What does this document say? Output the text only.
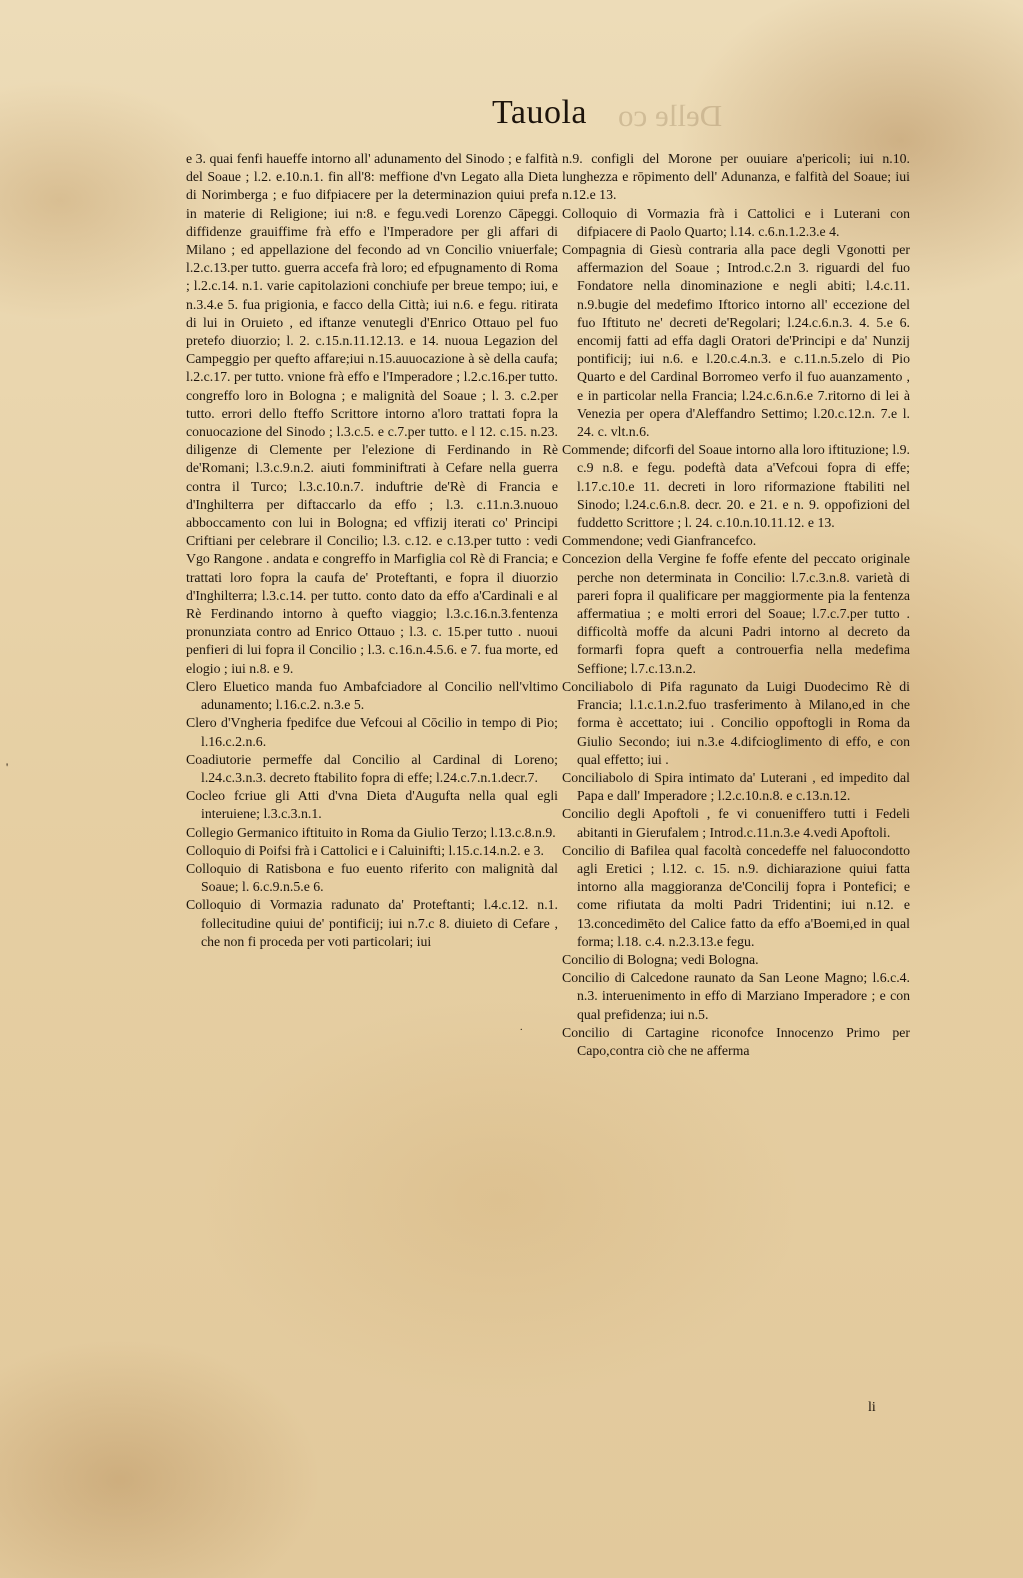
Delle co
Tauola

e 3. quai fenfi haueffe intorno all' adunamento del Sinodo ; e falfità del Soaue ; l.2. e.10.n.1. fin all'8: meffione d'vn Legato alla Dieta di Norimberga ; e fuo difpiacere per la determinazion quiui prefa in materie di Religione; iui n:8. e fegu.vedi Lorenzo Cāpeggi. diffidenze grauiffime frà effo e l'Imperadore per gli affari di Milano ; ed appellazione del fecondo ad vn Concilio vniuerfale; l.2.c.13.per tutto. guerra accefa frà loro; ed efpugnamento di Roma ; l.2.c.14. n.1. varie capitolazioni conchiufe per breue tempo; iui, e n.3.4.e 5. fua prigionia, e facco della Città; iui n.6. e fegu. ritirata di lui in Oruieto , ed iftanze venutegli d'Enrico Ottauo pel fuo pretefo diuorzio; l. 2. c.15.n.11.12.13. e 14. nuoua Legazion del Campeggio per quefto affare;iui n.15.auuocazione à sè della caufa; l.2.c.17. per tutto. vnione frà effo e l'Imperadore ; l.2.c.16.per tutto. congreffo loro in Bologna ; e malignità del Soaue ; l. 3. c.2.per tutto. errori dello fteffo Scrittore intorno a'loro trattati fopra la conuocazione del Sinodo ; l.3.c.5. e c.7.per tutto. e l 12. c.15. n.23. diligenze di Clemente per l'elezione di Ferdinando in Rè de'Romani; l.3.c.9.n.2. aiuti fomminiftrati à Cefare nella guerra contra il Turco; l.3.c.10.n.7. induftrie de'Rè di Francia e d'Inghilterra per diftaccarlo da effo ; l.3. c.11.n.3.nuouo abboccamento con lui in Bologna; ed vffizij iterati co' Principi Criftiani per celebrare il Concilio; l.3. c.12. e c.13.per tutto : vedi Vgo Rangone . andata e congreffo in Marfiglia col Rè di Francia; e trattati loro fopra la caufa de' Proteftanti, e fopra il diuorzio d'Inghilterra; l.3.c.14. per tutto. conto dato da effo a'Cardinali e al Rè Ferdinando intorno à quefto viaggio; l.3.c.16.n.3.fentenza pronunziata contro ad Enrico Ottauo ; l.3. c. 15.per tutto . nuoui penfieri di lui fopra il Concilio ; l.3. c.16.n.4.5.6. e 7. fua morte, ed elogio ; iui n.8. e 9.

Clero Eluetico manda fuo Ambafciadore al Concilio nell'vltimo adunamento; l.16.c.2. n.3.e 5.

Clero d'Vngheria fpedifce due Vefcoui al Cōcilio in tempo di Pio; l.16.c.2.n.6.

Coadiutorie permeffe dal Concilio al Cardinal di Loreno; l.24.c.3.n.3. decreto ftabilito fopra di effe; l.24.c.7.n.1.decr.7.

Cocleo fcriue gli Atti d'vna Dieta d'Augufta nella qual egli interuiene; l.3.c.3.n.1.

Collegio Germanico iftituito in Roma da Giulio Terzo; l.13.c.8.n.9.

Colloquio di Poifsi frà i Cattolici e i Caluinifti; l.15.c.14.n.2. e 3.

Colloquio di Ratisbona e fuo euento riferito con malignità dal Soaue; l. 6.c.9.n.5.e 6.

Colloquio di Vormazia radunato da' Proteftanti; l.4.c.12. n.1. follecitudine quiui de' pontificij; iui n.7.c 8. diuieto di Cefare , che non fi proceda per voti particolari; iui

n.9. configli del Morone per ouuiare a'pericoli; iui n.10. lunghezza e rōpimento dell' Adunanza, e falfità del Soaue; iui n.12.e 13.

Colloquio di Vormazia frà i Cattolici e i Luterani con difpiacere di Paolo Quarto; l.14. c.6.n.1.2.3.e 4.

Compagnia di Giesù contraria alla pace degli Vgonotti per affermazion del Soaue ; Introd.c.2.n 3. riguardi del fuo Fondatore nella dinominazione e negli abiti; l.4.c.11. n.9.bugie del medefimo Iftorico intorno all' eccezione del fuo Iftituto ne' decreti de'Regolari; l.24.c.6.n.3. 4. 5.e 6. encomij fatti ad effa dagli Oratori de'Principi e da' Nunzij pontificij; iui n.6. e l.20.c.4.n.3. e c.11.n.5.zelo di Pio Quarto e del Cardinal Borromeo verfo il fuo auanzamento , e in particolar nella Francia; l.24.c.6.n.6.e 7.ritorno di lei à Venezia per opera d'Aleffandro Settimo; l.20.c.12.n. 7.e l. 24. c. vlt.n.6.

Commende; difcorfi del Soaue intorno alla loro iftituzione; l.9. c.9 n.8. e fegu. podeftà data a'Vefcoui fopra di effe; l.17.c.10.e 11. decreti in loro riformazione ftabiliti nel Sinodo; l.24.c.6.n.8. decr. 20. e 21. e n. 9. oppofizioni del fuddetto Scrittore ; l. 24. c.10.n.10.11.12. e 13.

Commendone; vedi Gianfrancefco.

Concezion della Vergine fe foffe efente del peccato originale perche non determinata in Concilio: l.7.c.3.n.8. varietà di pareri fopra il qualificare per maggiormente pia la fentenza affermatiua ; e molti errori del Soaue; l.7.c.7.per tutto . difficoltà moffe da alcuni Padri intorno al decreto da formarfi fopra queft a controuerfia nella medefima Seffione; l.7.c.13.n.2.

Conciliabolo di Pifa ragunato da Luigi Duodecimo Rè di Francia; l.1.c.1.n.2.fuo trasferimento à Milano,ed in che forma è accettato; iui . Concilio oppoftogli in Roma da Giulio Secondo; iui n.3.e 4.difcioglimento di effo, e con qual effetto; iui .

Conciliabolo di Spira intimato da' Luterani , ed impedito dal Papa e dall' Imperadore ; l.2.c.10.n.8. e c.13.n.12.

Concilio degli Apoftoli , fe vi conueniffero tutti i Fedeli abitanti in Gierufalem ; Introd.c.11.n.3.e 4.vedi Apoftoli.

Concilio di Bafilea qual facoltà concedeffe nel faluocondotto agli Eretici ; l.12. c. 15. n.9. dichiarazione quiui fatta intorno alla maggioranza de'Concilij fopra i Pontefici; e come rifiutata da molti Padri Tridentini; iui n.12. e 13.concedimēto del Calice fatto da effo a'Boemi,ed in qual forma; l.18. c.4. n.2.3.13.e fegu.

Concilio di Bologna; vedi Bologna.

Concilio di Calcedone raunato da San Leone Magno; l.6.c.4. n.3. interuenimento in effo di Marziano Imperadore ; e con qual prefidenza; iui n.5.

Concilio di Cartagine riconofce Innocenzo Primo per Capo,contra ciò che ne afferma

li
'
.
